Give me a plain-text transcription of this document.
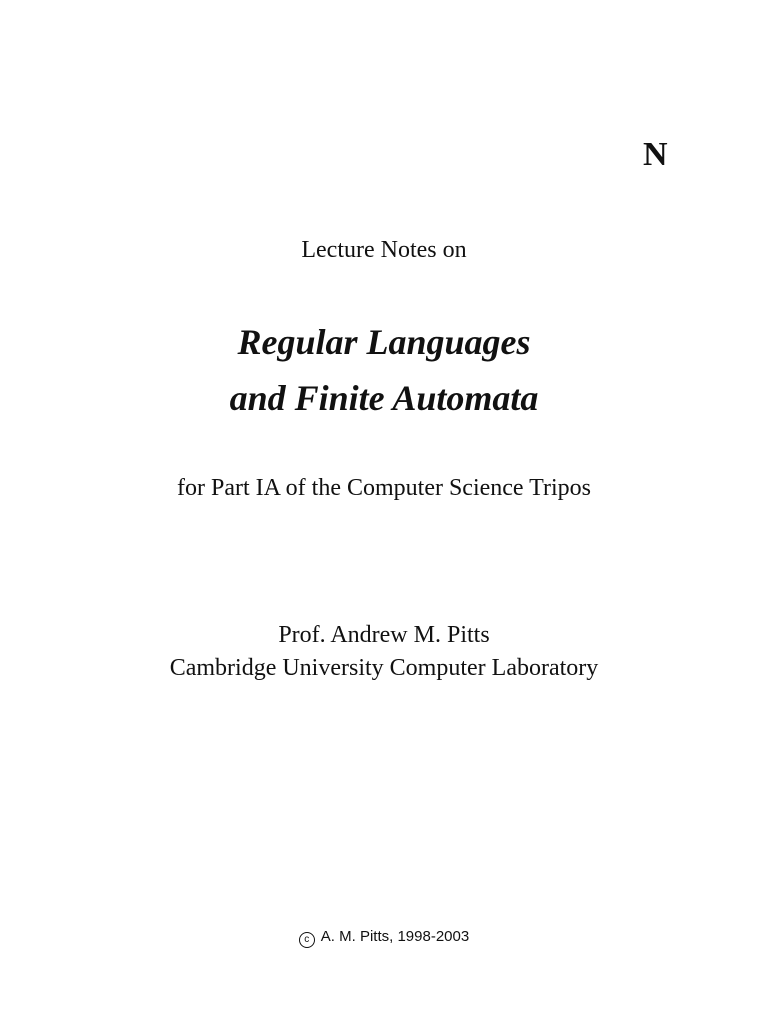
N
Lecture Notes on
Regular Languages
and Finite Automata
for Part IA of the Computer Science Tripos
Prof. Andrew M. Pitts
Cambridge University Computer Laboratory
c A. M. Pitts, 1998-2003
